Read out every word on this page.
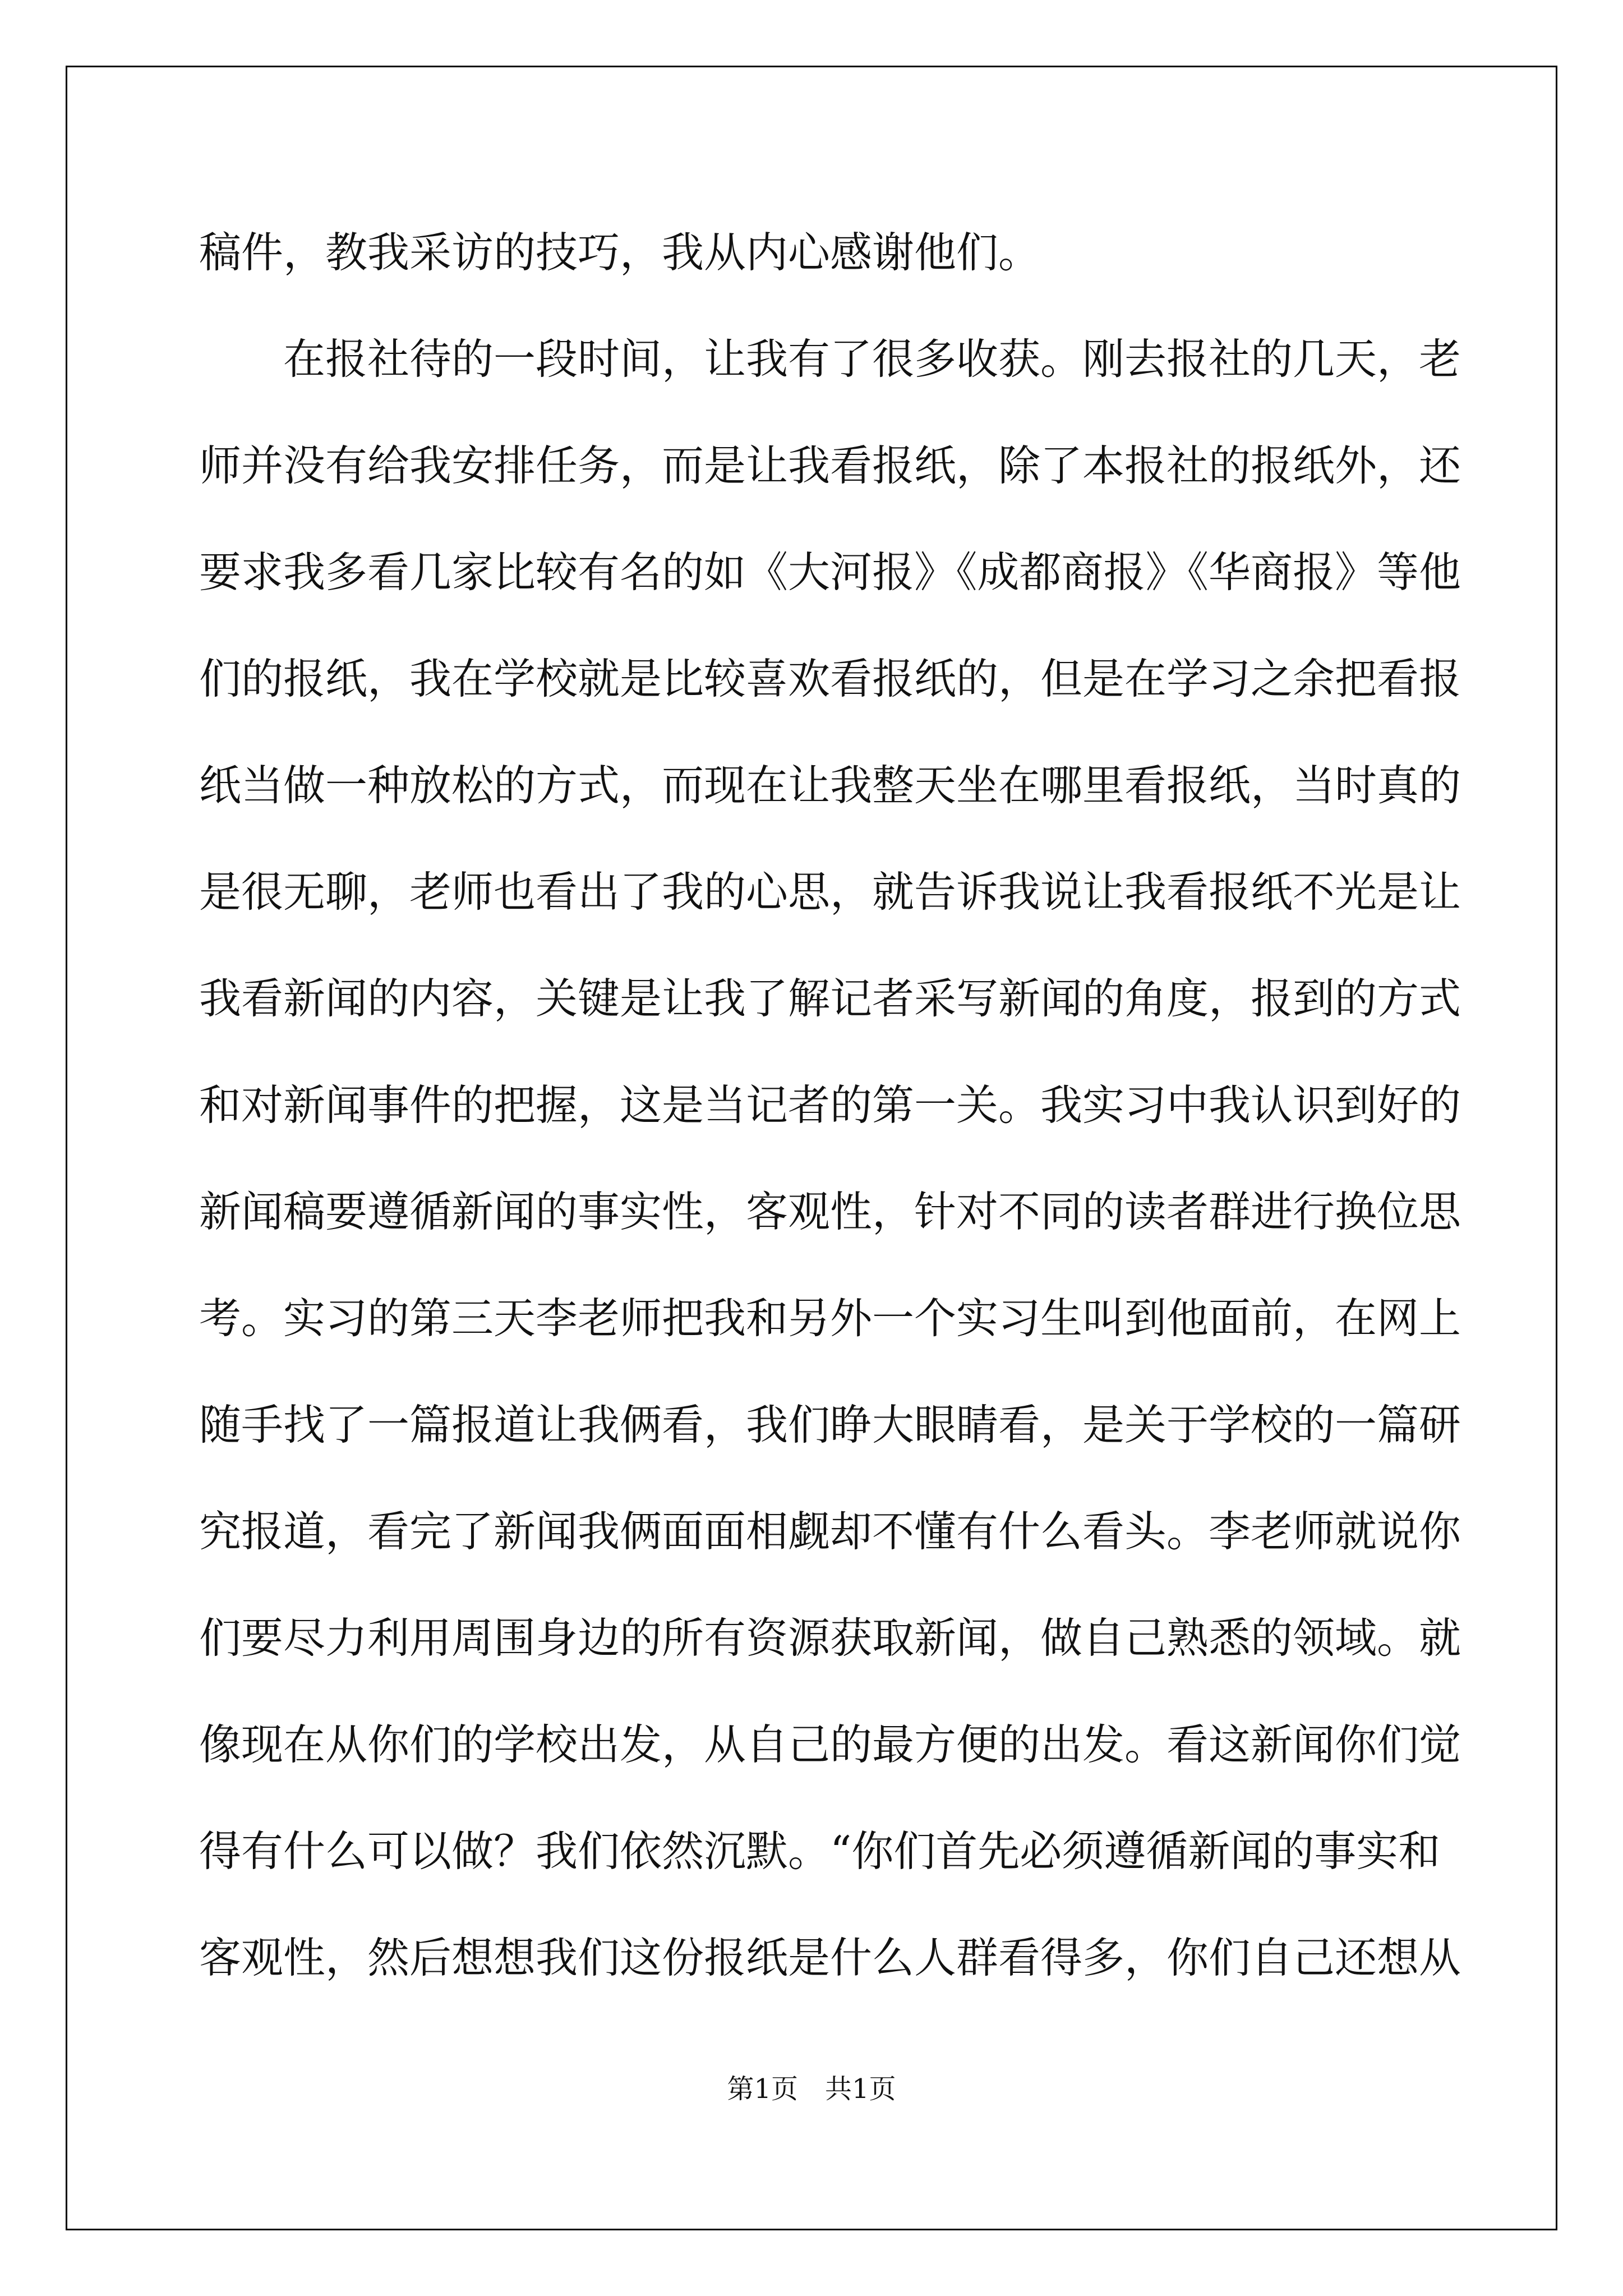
稿件，教我采访的技巧，我从内心感谢他们。
在报社待的一段时间，让我有了很多收获。刚去报社的几天，老
师并没有给我安排任务，而是让我看报纸，除了本报社的报纸外，还
要求我多看几家比较有名的如《大河报》《成都商报》《华商报》等他
们的报纸，我在学校就是比较喜欢看报纸的，但是在学习之余把看报
纸当做一种放松的方式，而现在让我整天坐在哪里看报纸，当时真的
是很无聊，老师也看出了我的心思，就告诉我说让我看报纸不光是让
我看新闻的内容，关键是让我了解记者采写新闻的角度，报到的方式
和对新闻事件的把握，这是当记者的第一关。我实习中我认识到好的
新闻稿要遵循新闻的事实性，客观性，针对不同的读者群进行换位思
考。实习的第三天李老师把我和另外一个实习生叫到他面前，在网上
随手找了一篇报道让我俩看，我们睁大眼睛看，是关于学校的一篇研
究报道，看完了新闻我俩面面相觑却不懂有什么看头。李老师就说你
们要尽力利用周围身边的所有资源获取新闻，做自己熟悉的领域。就
像现在从你们的学校出发，从自己的最方便的出发。看这新闻你们觉
得有什么可以做？我们依然沉默。“你们首先必须遵循新闻的事实和
客观性，然后想想我们这份报纸是什么人群看得多，你们自己还想从
第1页　共1页
